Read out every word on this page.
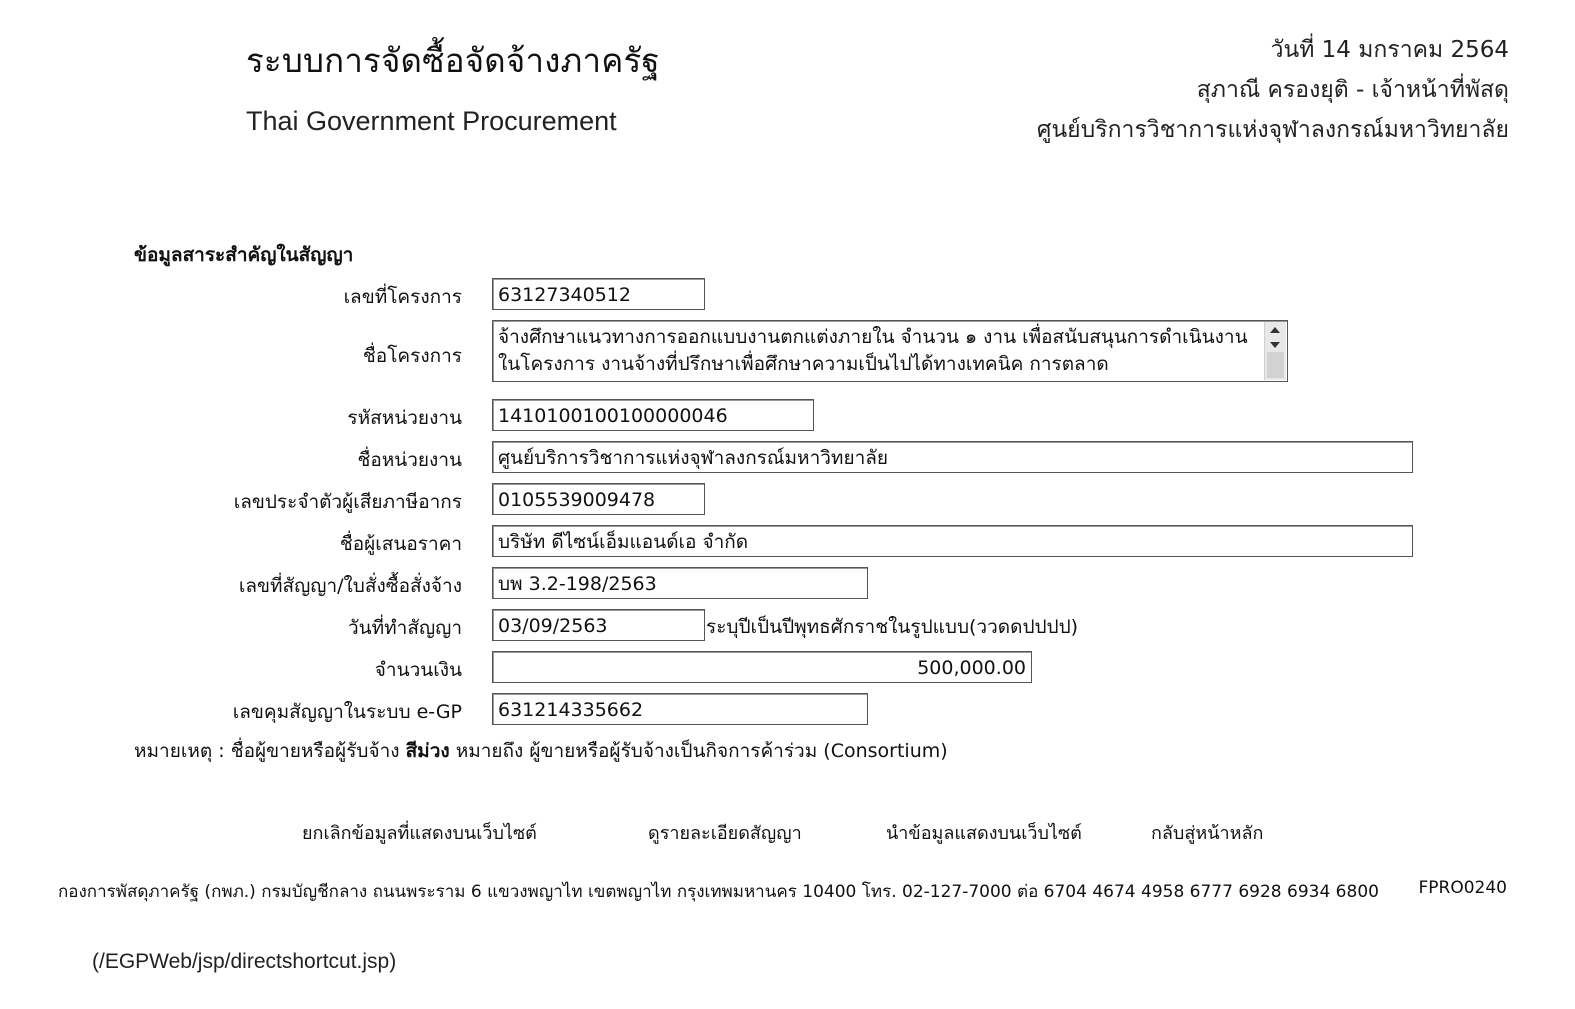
ระบบการจัดซื้อจัดจ้างภาครัฐ
Thai Government Procurement
วันที่ 14 มกราคม 2564
สุภาณี ครองยุติ - เจ้าหน้าที่พัสดุ
ศูนย์บริการวิชาการแห่งจุฬาลงกรณ์มหาวิทยาลัย
ข้อมูลสาระสำคัญในสัญญา
เลขที่โครงการ	63127340512
ชื่อโครงการ
จ้างศึกษาแนวทางการออกแบบงานตกแต่งภายใน จำนวน ๑ งาน เพื่อสนับสนุนการดำเนินงานในโครงการ งานจ้างที่ปรึกษาเพื่อศึกษาความเป็นไปได้ทางเทคนิค การตลาด
รหัสหน่วยงาน	1410100100100000046
ชื่อหน่วยงาน	ศูนย์บริการวิชาการแห่งจุฬาลงกรณ์มหาวิทยาลัย
เลขประจำตัวผู้เสียภาษีอากร	0105539009478
ชื่อผู้เสนอราคา	บริษัท ดีไซน์เอ็มแอนด์เอ จำกัด
เลขที่สัญญา/ใบสั่งซื้อสั่งจ้าง	บพ 3.2-198/2563
วันที่ทำสัญญา	03/09/2563	ระบุปีเป็นปีพุทธศักราชในรูปแบบ(ววดดปปปป)
จำนวนเงิน	500,000.00
เลขคุมสัญญาในระบบ e-GP	631214335662
หมายเหตุ : ชื่อผู้ขายหรือผู้รับจ้าง สีม่วง หมายถึง ผู้ขายหรือผู้รับจ้างเป็นกิจการค้าร่วม (Consortium)
ยกเลิกข้อมูลที่แสดงบนเว็บไซต์	ดูรายละเอียดสัญญา	นำข้อมูลแสดงบนเว็บไซต์	กลับสู่หน้าหลัก
กองการพัสดุภาครัฐ (กพภ.) กรมบัญชีกลาง ถนนพระราม 6 แขวงพญาไท เขตพญาไท กรุงเทพมหานคร 10400 โทร. 02-127-7000 ต่อ 6704 4674 4958 6777 6928 6934 6800 FPRO0240
(/EGPWeb/jsp/directshortcut.jsp)
